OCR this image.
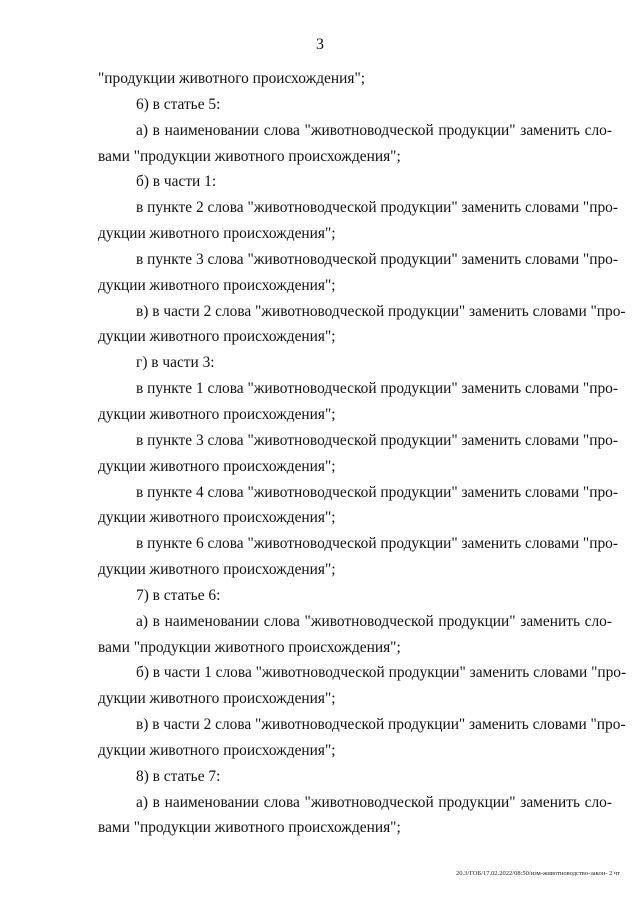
3
"продукции животного происхождения";
6) в статье 5:
а) в наименовании слова "животноводческой продукции" заменить сло-
вами "продукции животного происхождения";
б) в части 1:
в пункте 2 слова "животноводческой продукции" заменить словами "про-
дукции животного происхождения";
в пункте 3 слова "животноводческой продукции" заменить словами "про-
дукции животного происхождения";
в) в части 2 слова "животноводческой продукции" заменить словами "про-
дукции животного происхождения";
г) в части 3:
в пункте 1 слова "животноводческой продукции" заменить словами "про-
дукции животного происхождения";
в пункте 3 слова "животноводческой продукции" заменить словами "про-
дукции животного происхождения";
в пункте 4 слова "животноводческой продукции" заменить словами "про-
дукции животного происхождения";
в пункте 6 слова "животноводческой продукции" заменить словами "про-
дукции животного происхождения";
7) в статье 6:
а) в наименовании слова "животноводческой продукции" заменить сло-
вами "продукции животного происхождения";
б) в части 1 слова "животноводческой продукции" заменить словами "про-
дукции животного происхождения";
в) в части 2 слова "животноводческой продукции" заменить словами "про-
дукции животного происхождения";
8) в статье 7:
а) в наименовании слова "животноводческой продукции" заменить сло-
вами "продукции животного происхождения";
20.3/ГОБ/17.02.2022/08:50/изм-животноводство-закон- 2 чт
